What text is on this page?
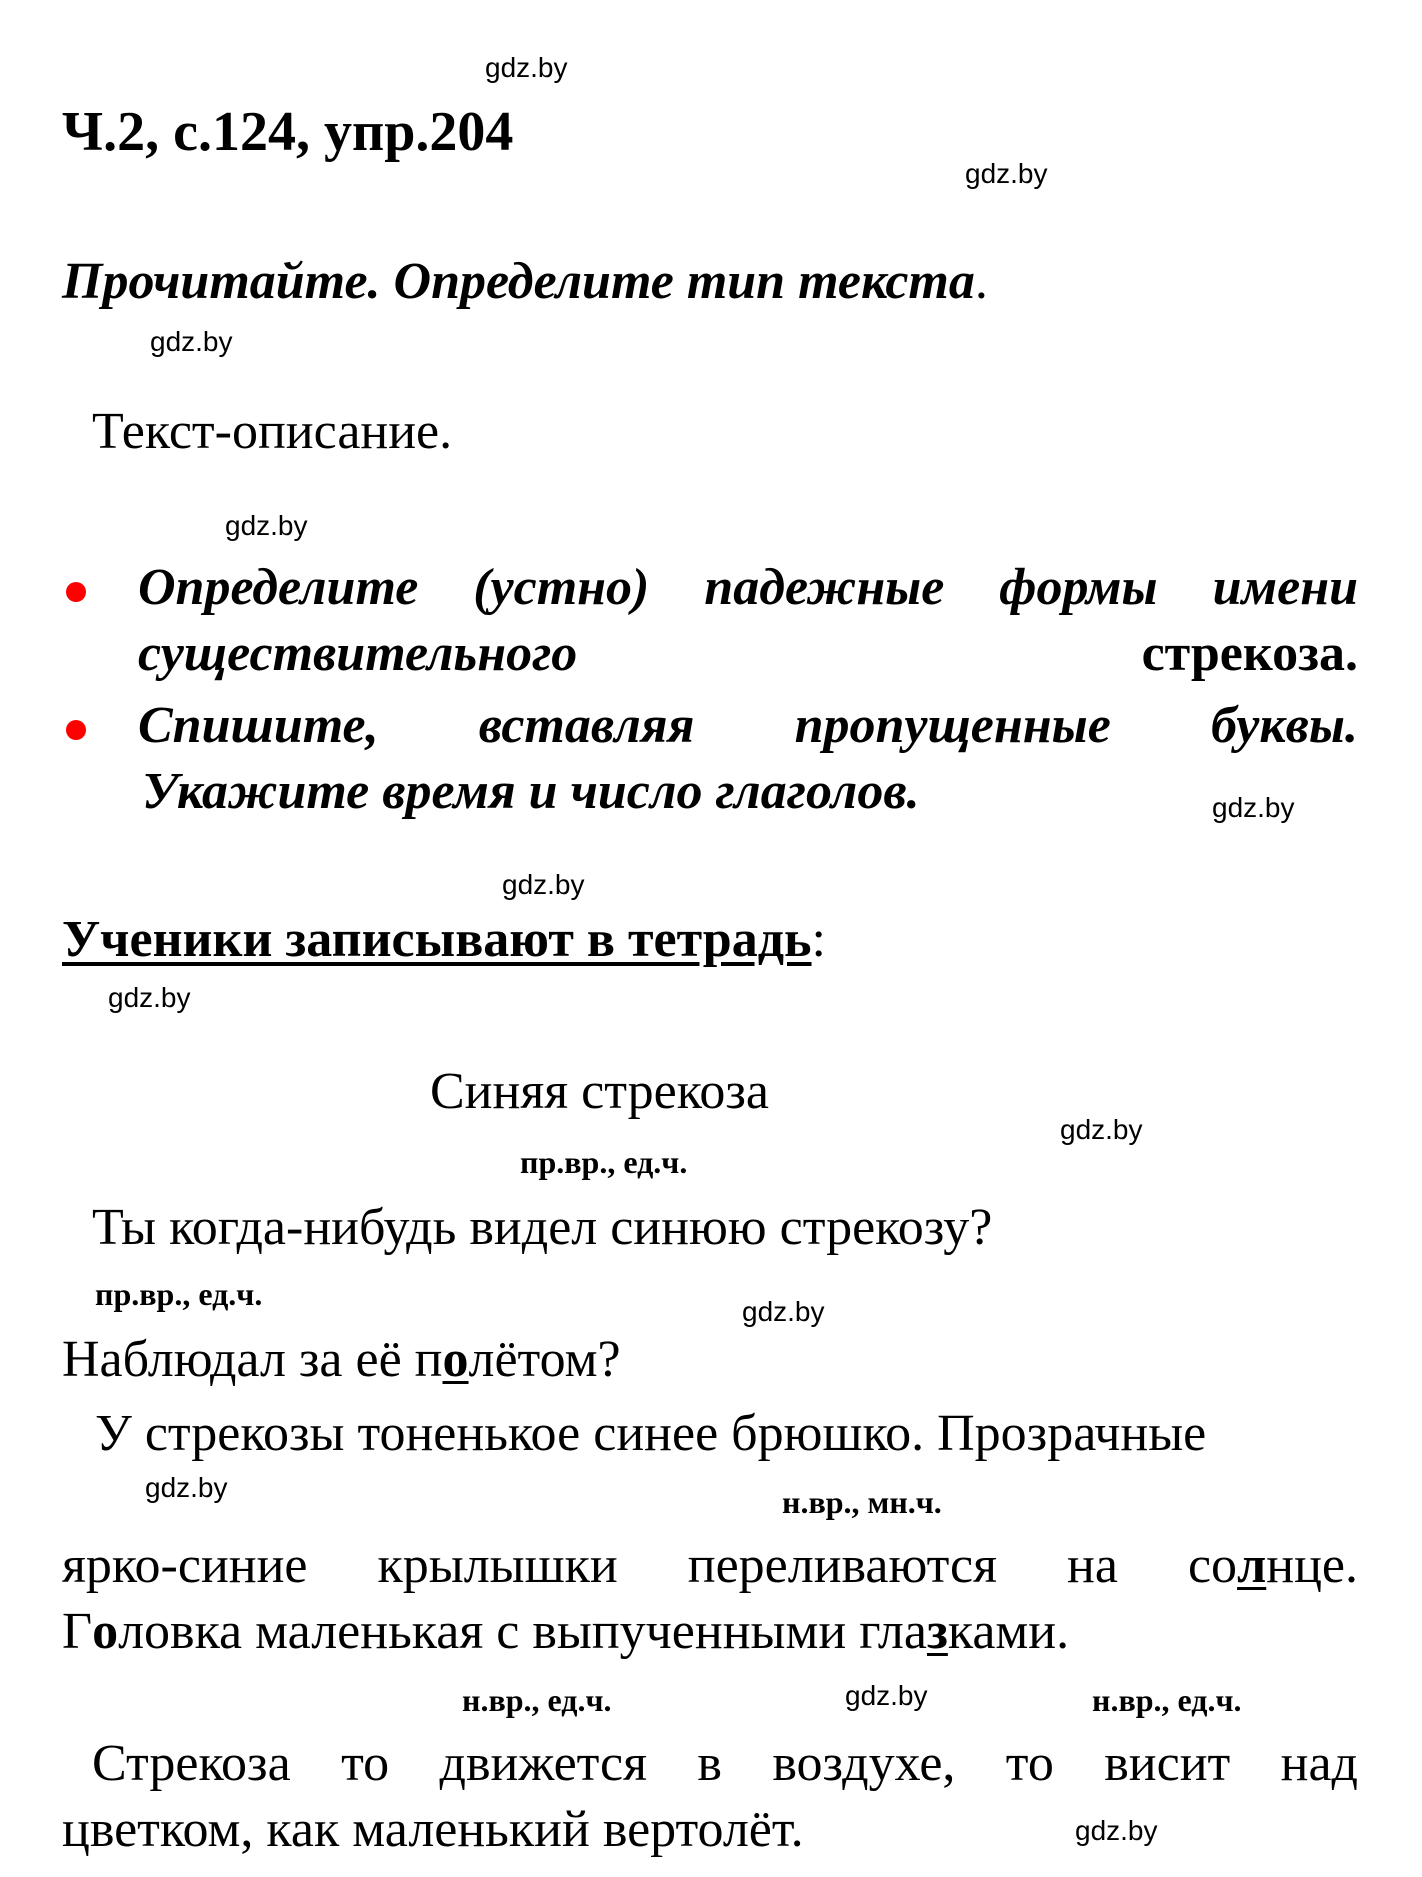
gdz.by
gdz.by
gdz.by
gdz.by
gdz.by
gdz.by
gdz.by
gdz.by
gdz.by
gdz.by
gdz.by
gdz.by
Ч.2, с.124, упр.204
Прочитайте. Определите тип текста.
Текст-описание.
Определите (устно) падежные формы имени существительного стрекоза.
Спишите, вставляя пропущенные буквы.
Укажите время и число глаголов.
Ученики записывают в тетрадь:
Синяя стрекоза
пр.вр., ед.ч.
Ты когда-нибудь видел синюю стрекозу?
пр.вр., ед.ч.
Наблюдал за её полётом?
У стрекозы тоненькое синее брюшко. Прозрачные
н.вр., мн.ч.
ярко-синие крылышки переливаются на солнце.
Головка маленькая с выпученными глазками.
н.вр., ед.ч.	н.вр., ед.ч.
Стрекоза то движется в воздухе, то висит над
цветком, как маленький вертолёт.
